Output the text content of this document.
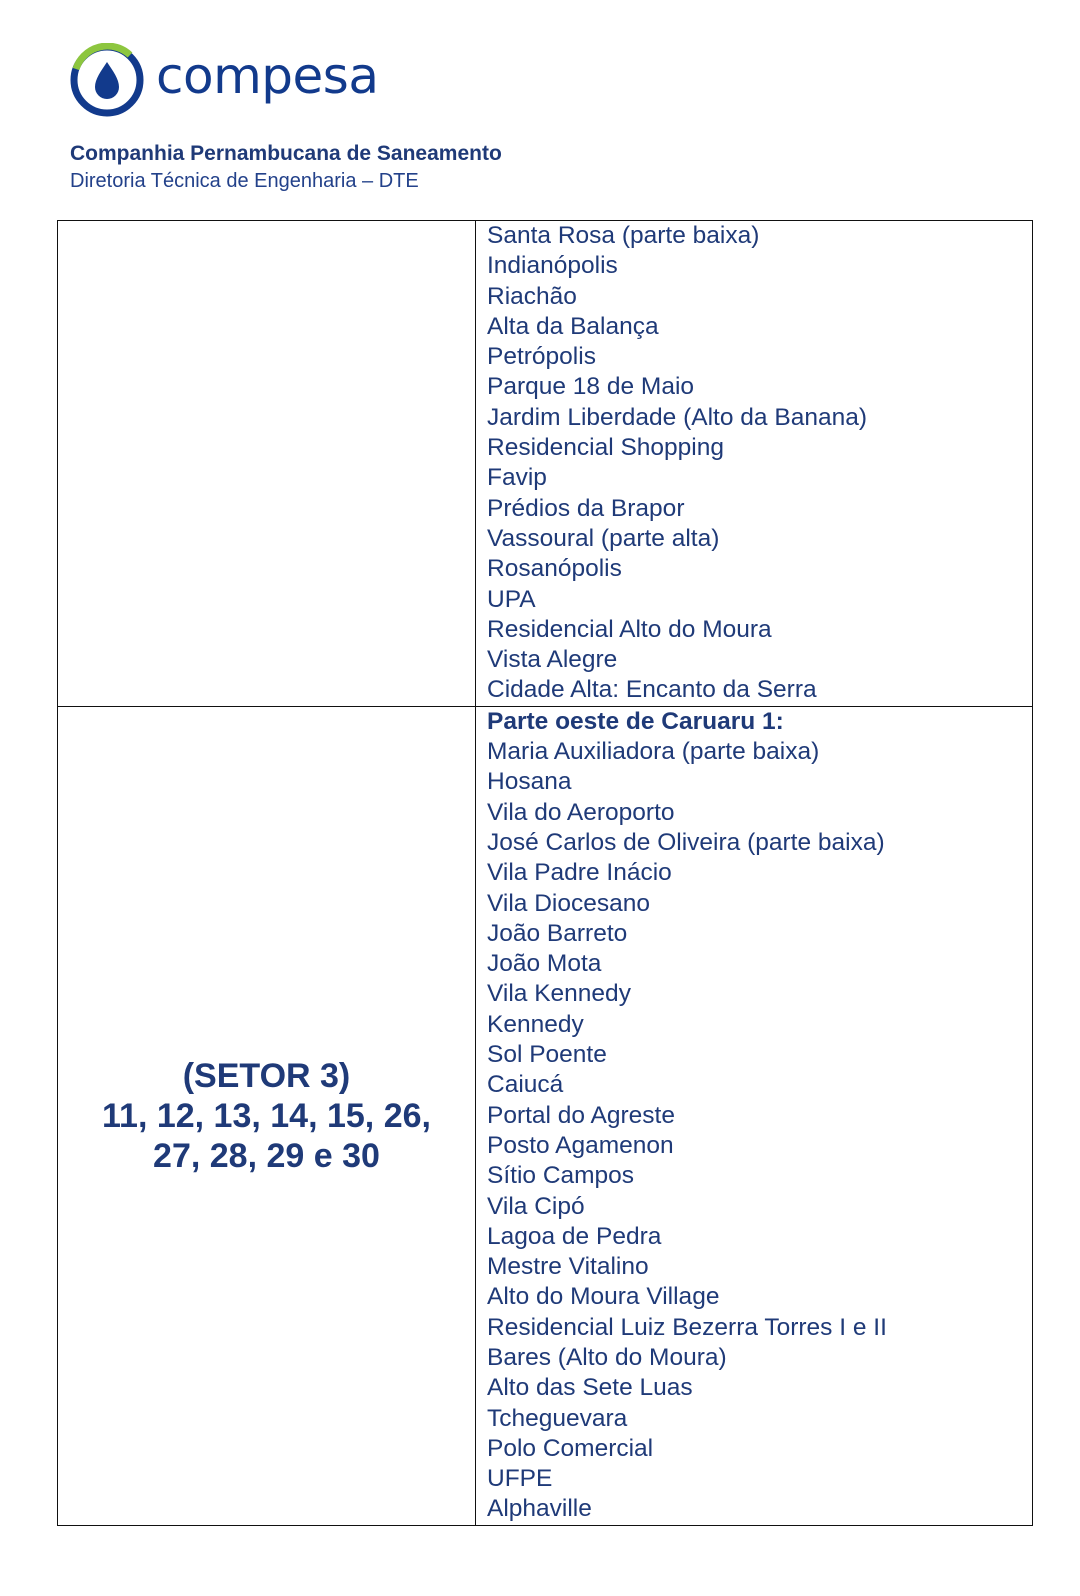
compesa
Companhia Pernambucana de Saneamento
Diretoria Técnica de Engenharia – DTE
Santa Rosa (parte baixa)
Indianópolis
Riachão
Alta da Balança
Petrópolis
Parque 18 de Maio
Jardim Liberdade (Alto da Banana)
Residencial Shopping
Favip
Prédios da Brapor
Vassoural (parte alta)
Rosanópolis
UPA
Residencial Alto do Moura
Vista Alegre
Cidade Alta: Encanto da Serra
(SETOR 3)
11, 12, 13, 14, 15, 26,
27, 28, 29 e 30
Parte oeste de Caruaru 1:
Maria Auxiliadora (parte baixa)
Hosana
Vila do Aeroporto
José Carlos de Oliveira (parte baixa)
Vila Padre Inácio
Vila Diocesano
João Barreto
João Mota
Vila Kennedy
Kennedy
Sol Poente
Caiucá
Portal do Agreste
Posto Agamenon
Sítio Campos
Vila Cipó
Lagoa de Pedra
Mestre Vitalino
Alto do Moura Village
Residencial Luiz Bezerra Torres I e II
Bares (Alto do Moura)
Alto das Sete Luas
Tcheguevara
Polo Comercial
UFPE
Alphaville
